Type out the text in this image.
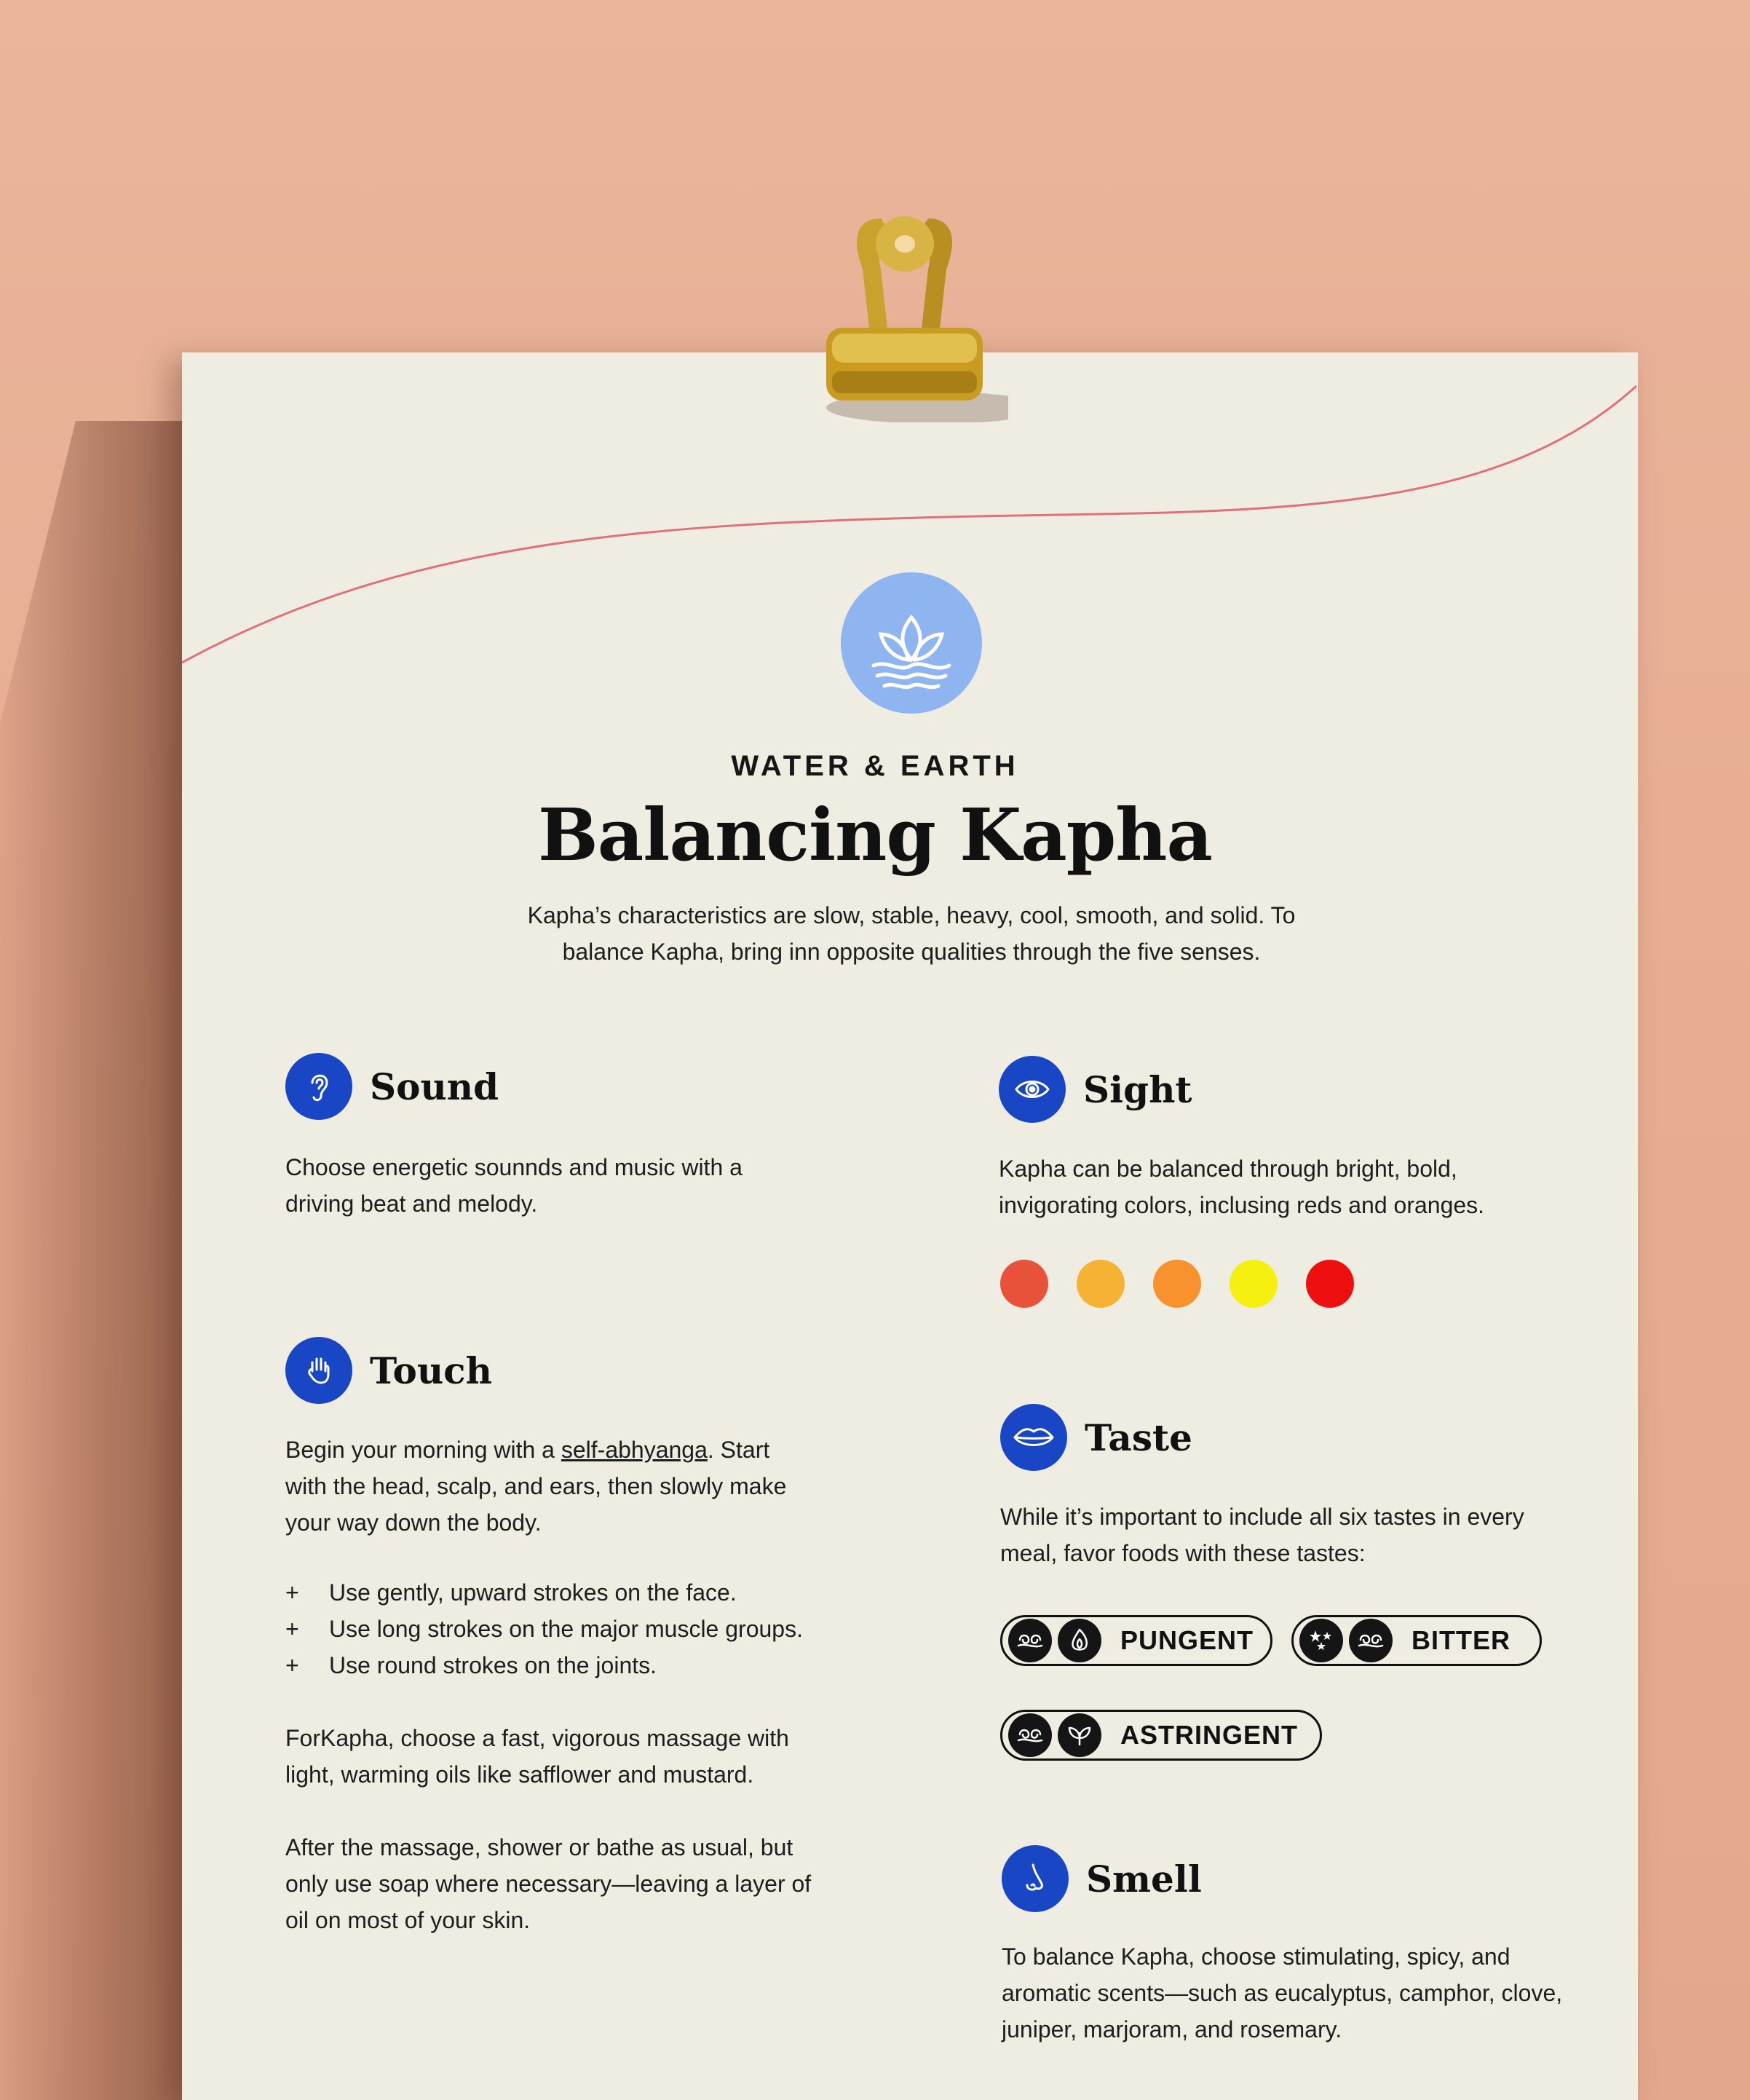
WATER & EARTH
Balancing Kapha
Kapha’s characteristics are slow, stable, heavy, cool, smooth, and solid. To balance Kapha, bring inn opposite qualities through the five senses.
Sound
Choose energetic sounnds and music with a driving beat and melody.
Touch

Begin your morning with a self-abhyanga. Start with the head, scalp, and ears, then slowly make your way down the body.

+ Use gently, upward strokes on the face.
+ Use long strokes on the major muscle groups.
+ Use round strokes on the joints.
ForKapha, choose a fast, vigorous massage with light, warming oils like safflower and mustard.
After the massage, shower or bathe as usual, but only use soap where necessary—leaving a layer of oil on most of your skin.
Sight
Kapha can be balanced through bright, bold, invigorating colors, inclusing reds and oranges.
Taste
While it’s important to include all six tastes in every meal, favor foods with these tastes:
PUNGENT	BITTER
ASTRINGENT
Smell
To balance Kapha, choose stimulating, spicy, and aromatic scents—such as eucalyptus, camphor, clove, juniper, marjoram, and rosemary.
